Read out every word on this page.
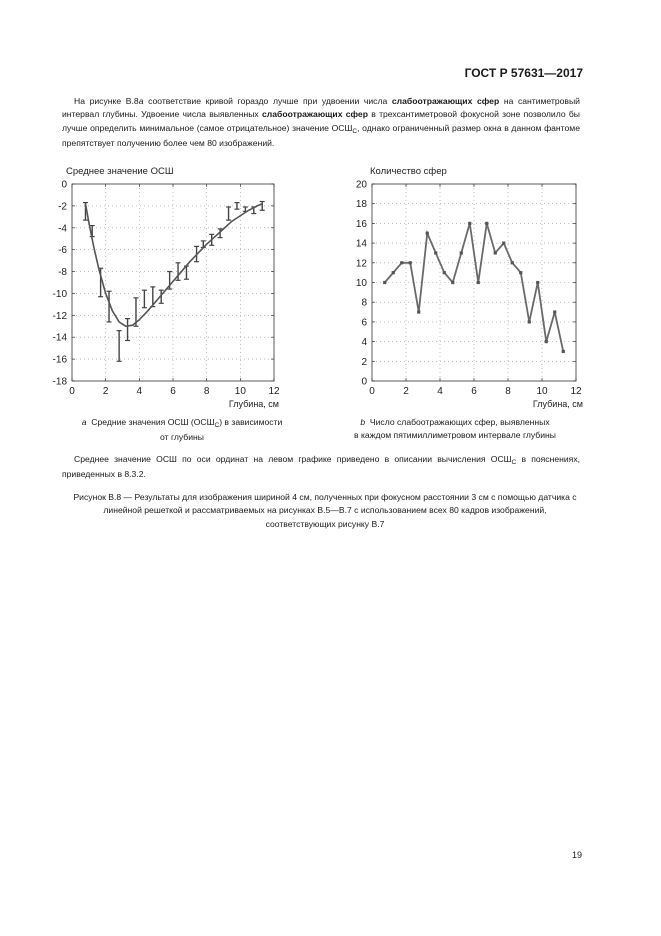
ГОСТ Р 57631—2017

На рисунке В.8а соответствие кривой гораздо лучше при удвоении числа слабоотражающих сфер на сантиметровый интервал глубины. Удвоение числа выявленных слабоотражающих сфер в трехсантиметровой фокусной зоне позволило бы лучше определить минимальное (самое отрицательное) значение $ОСШ_С$, однако ограниченный размер окна в данном фантоме препятствует получению более чем 80 изображений.

Среднее значение ОСШ
Глубина, см
0	2	4	6	8	10 12
0
-2
-4
-6
-8
-10
-12
-14
-16
-18
Количество сфер
Глубина, см
0	2	4	6	8	10 12
20
18
16
14
12
10
8
6
4
2
0
a Средние значения ОСШ $(ОСШ_С)$ в зависимости
от глубины
b Число слабоотражающих сфер, выявленных
в каждом пятимиллиметровом интервале глубины

Среднее значение ОСШ по оси ординат на левом графике приведено в описании вычисления $ОСШ_С$ в пояснениях, приведенных в 8.3.2.

Рисунок В.8 — Результаты для изображения шириной 4 см, полученных при фокусном расстоянии 3 см с помощью датчика с линейной решеткой и рассматриваемых на рисунках В.5—В.7 с использованием всех 80 кадров изображений, соответствующих рисунку В.7

19
